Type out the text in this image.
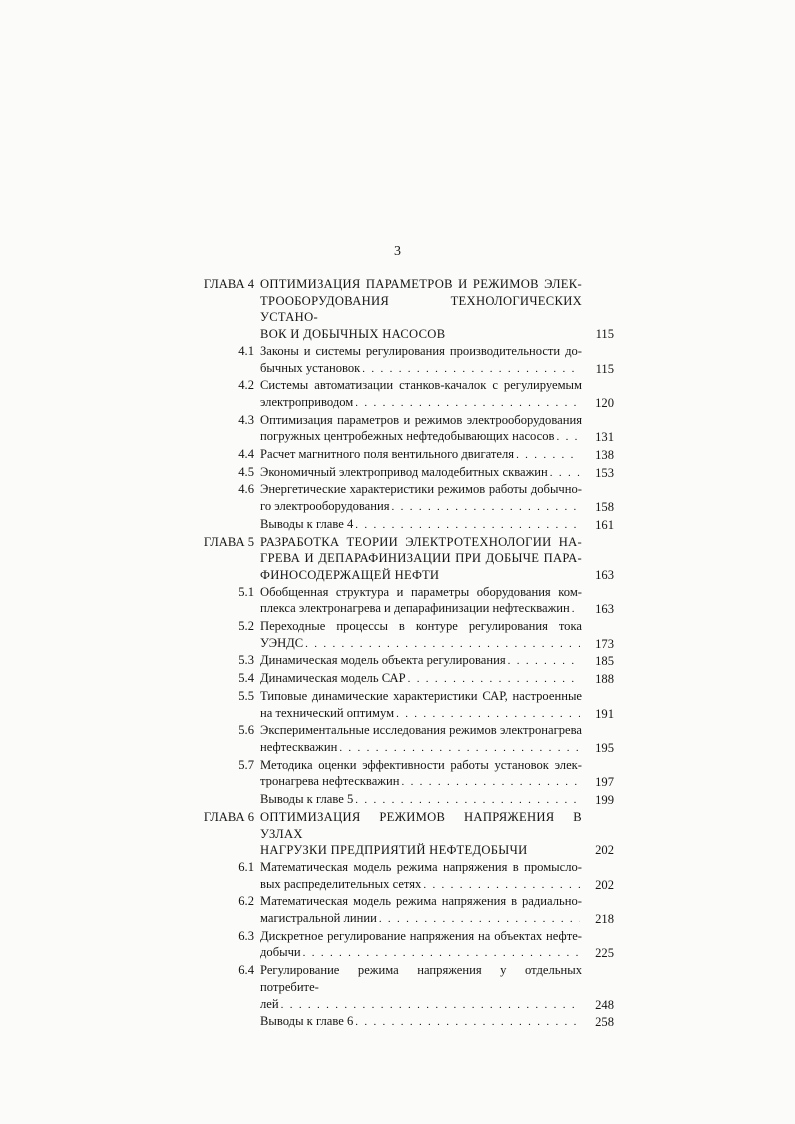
3
ГЛАВА 4 ОПТИМИЗАЦИЯ ПАРАМЕТРОВ И РЕЖИМОВ ЭЛЕК-
ТРООБОРУДОВАНИЯ ТЕХНОЛОГИЧЕСКИХ УСТАНО-
ВОК И ДОБЫЧНЫХ НАСОСОВ	115
4.1 Законы и системы регулирования производительности до-
бычных установок . . .	115
4.2 Системы автоматизации станков-качалок с регулируемым
электроприводом . . .	120
4.3 Оптимизация параметров и режимов электрооборудования
погружных центробежных нефтедобывающих насосов . . .	131
4.4 Расчет магнитного поля вентильного двигателя . . .	138
4.5 Экономичный электропривод малодебитных скважин . . .	153
4.6 Энергетические характеристики режимов работы добычно-
го электрооборудования . . .	158
Выводы к главе 4 . . .	161
ГЛАВА 5 РАЗРАБОТКА ТЕОРИИ ЭЛЕКТРОТЕХНОЛОГИИ НА-
ГРЕВА И ДЕПАРАФИНИЗАЦИИ ПРИ ДОБЫЧЕ ПАРА-
ФИНОСОДЕРЖАЩЕЙ НЕФТИ	163
5.1 Обобщенная структура и параметры оборудования ком-
плекса электронагрева и депарафинизации нефтескважин . . .	163
5.2 Переходные процессы в контуре регулирования тока
УЭНДС . . .	173
5.3 Динамическая модель объекта регулирования . . .	185
5.4 Динамическая модель САР . . .	188
5.5 Типовые динамические характеристики САР, настроенные
на технический оптимум . . .	191
5.6 Экспериментальные исследования режимов электронагрева
нефтескважин . . .	195
5.7 Методика оценки эффективности работы установок элек-
тронагрева нефтескважин . . .	197
Выводы к главе 5 . . .	199
ГЛАВА 6 ОПТИМИЗАЦИЯ РЕЖИМОВ НАПРЯЖЕНИЯ В УЗЛАХ
НАГРУЗКИ ПРЕДПРИЯТИЙ НЕФТЕДОБЫЧИ	202
6.1 Математическая модель режима напряжения в промысло-
вых распределительных сетях . . .	202
6.2 Математическая модель режима напряжения в радиально-
магистральной линии . . .	218
6.3 Дискретное регулирование напряжения на объектах нефте-
добычи . . .	225
6.4 Регулирование режима напряжения у отдельных потребите-
лей . . .	248
Выводы к главе 6 . . .	258
